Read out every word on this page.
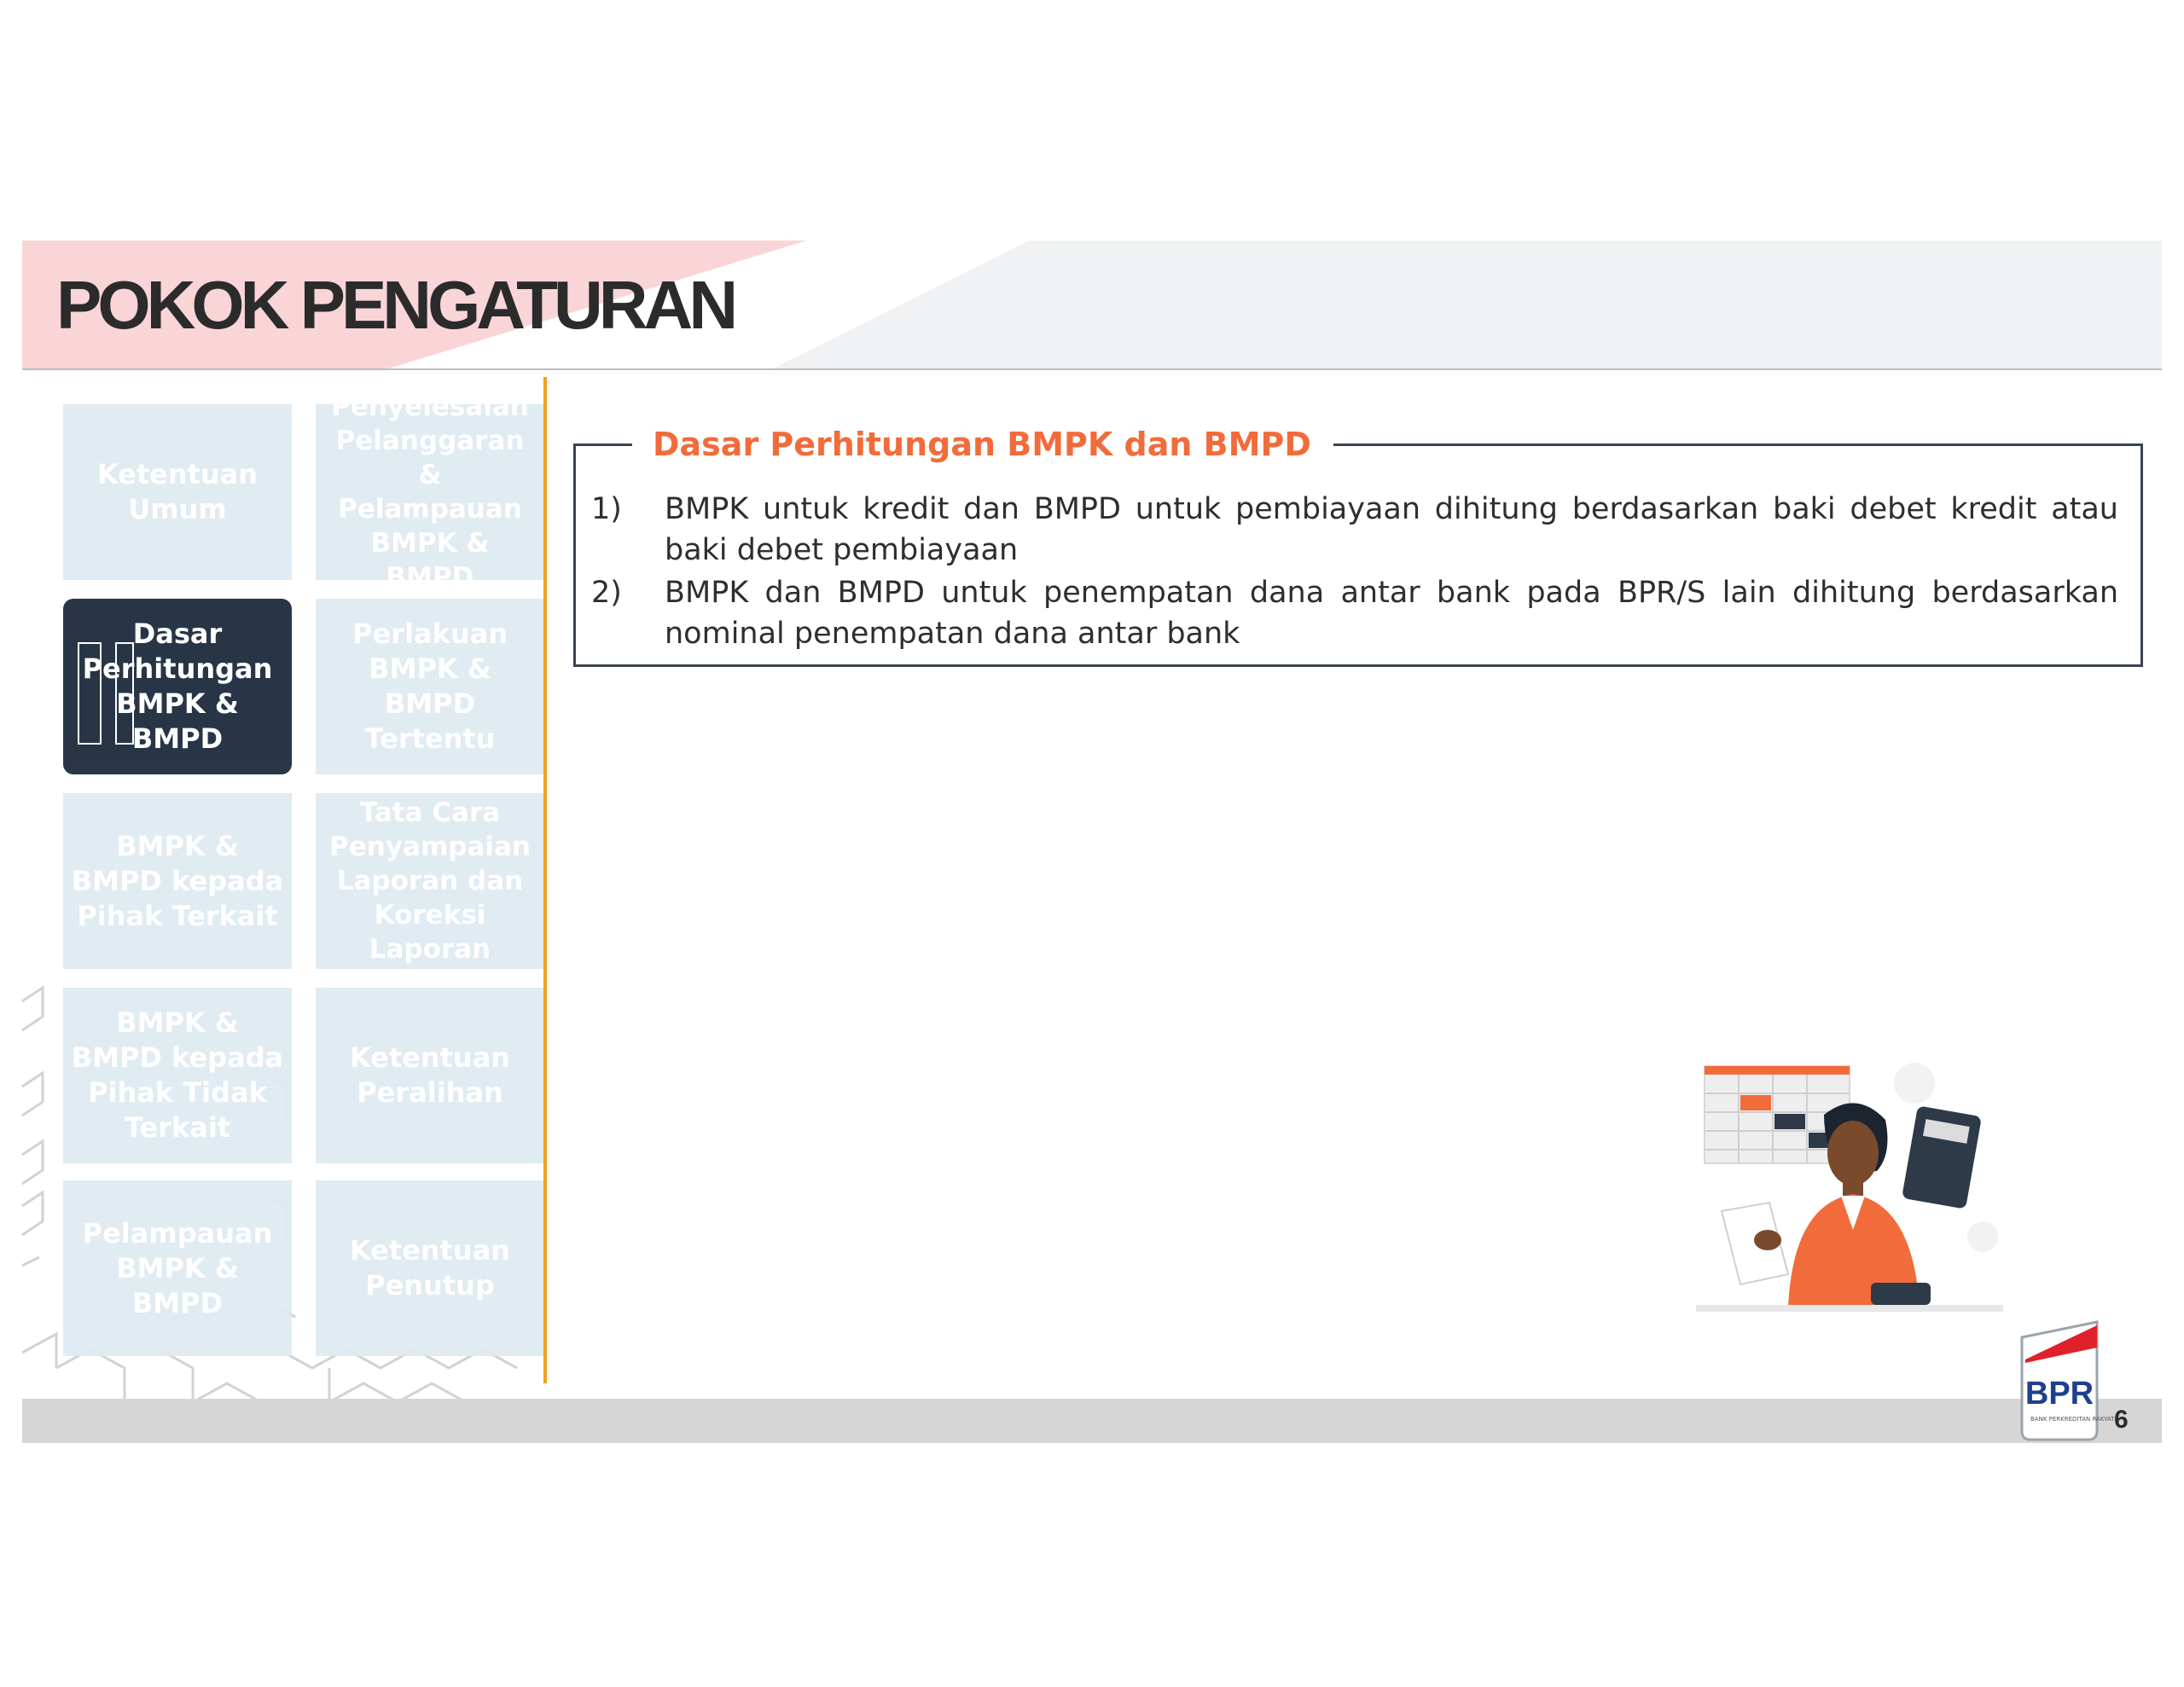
POKOK PENGATURAN
Ketentuan Umum
Penyelesaian Pelanggaran & Pelampauan BMPK & BMPD
Dasar Perhitungan BMPK & BMPD
Perlakuan BMPK & BMPD Tertentu
BMPK & BMPD kepada Pihak Terkait
Tata Cara Penyampaian Laporan dan Koreksi Laporan
BMPK & BMPD kepada Pihak Tidak Terkait
Ketentuan Peralihan
Pelampauan BMPK & BMPD
Ketentuan Penutup
Dasar Perhitungan BMPK dan BMPD
1) BMPK untuk kredit dan BMPD untuk pembiayaan dihitung berdasarkan baki debet kredit atau baki debet pembiayaan
2) BMPK dan BMPD untuk penempatan dana antar bank pada BPR/S lain dihitung berdasarkan nominal penempatan dana antar bank
BPR
BANK PERKREDITAN RAKYAT 6
